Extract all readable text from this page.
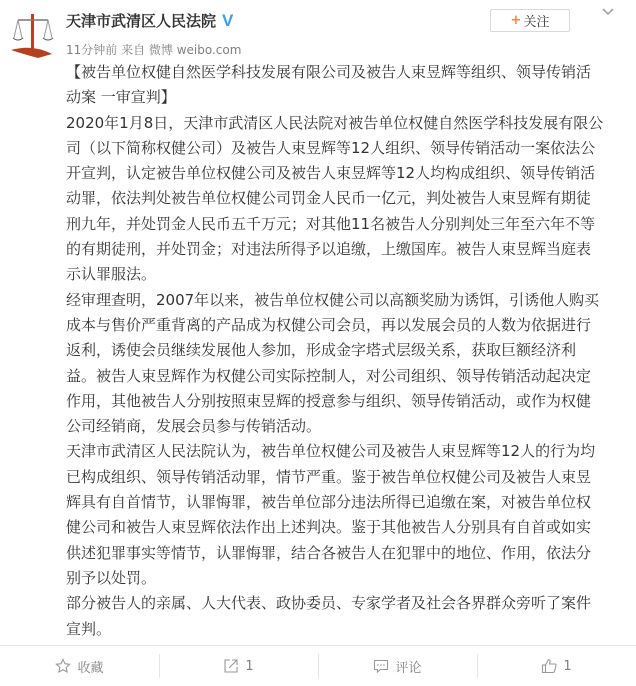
天津市武清区人民法院 V
11分钟前 来自 微博 weibo.com
+ 关注
【被告单位权健自然医学科技发展有限公司及被告人束昱辉等组织、领导传销活
动案 一审宣判】
2020年1月8日，天津市武清区人民法院对被告单位权健自然医学科技发展有限公
司（以下简称权健公司）及被告人束昱辉等12人组织、领导传销活动一案依法公
开宣判，认定被告单位权健公司及被告人束昱辉等12人均构成组织、领导传销活
动罪，依法判处被告单位权健公司罚金人民币一亿元，判处被告人束昱辉有期徒
刑九年，并处罚金人民币五千万元；对其他11名被告人分别判处三年至六年不等
的有期徒刑，并处罚金；对违法所得予以追缴，上缴国库。被告人束昱辉当庭表
示认罪服法。
经审理查明，2007年以来，被告单位权健公司以高额奖励为诱饵，引诱他人购买
成本与售价严重背离的产品成为权健公司会员，再以发展会员的人数为依据进行
返利，诱使会员继续发展他人参加，形成金字塔式层级关系，获取巨额经济利
益。被告人束昱辉作为权健公司实际控制人，对公司组织、领导传销活动起决定
作用，其他被告人分别按照束昱辉的授意参与组织、领导传销活动，或作为权健
公司经销商，发展会员参与传销活动。
天津市武清区人民法院认为，被告单位权健公司及被告人束昱辉等12人的行为均
已构成组织、领导传销活动罪，情节严重。鉴于被告单位权健公司及被告人束昱
辉具有自首情节，认罪悔罪，被告单位部分违法所得已追缴在案，对被告单位权
健公司和被告人束昱辉依法作出上述判决。鉴于其他被告人分别具有自首或如实
供述犯罪事实等情节，认罪悔罪，结合各被告人在犯罪中的地位、作用，依法分
别予以处罚。
部分被告人的亲属、人大代表、政协委员、专家学者及社会各界群众旁听了案件
宣判。
收藏	1	评论	1
